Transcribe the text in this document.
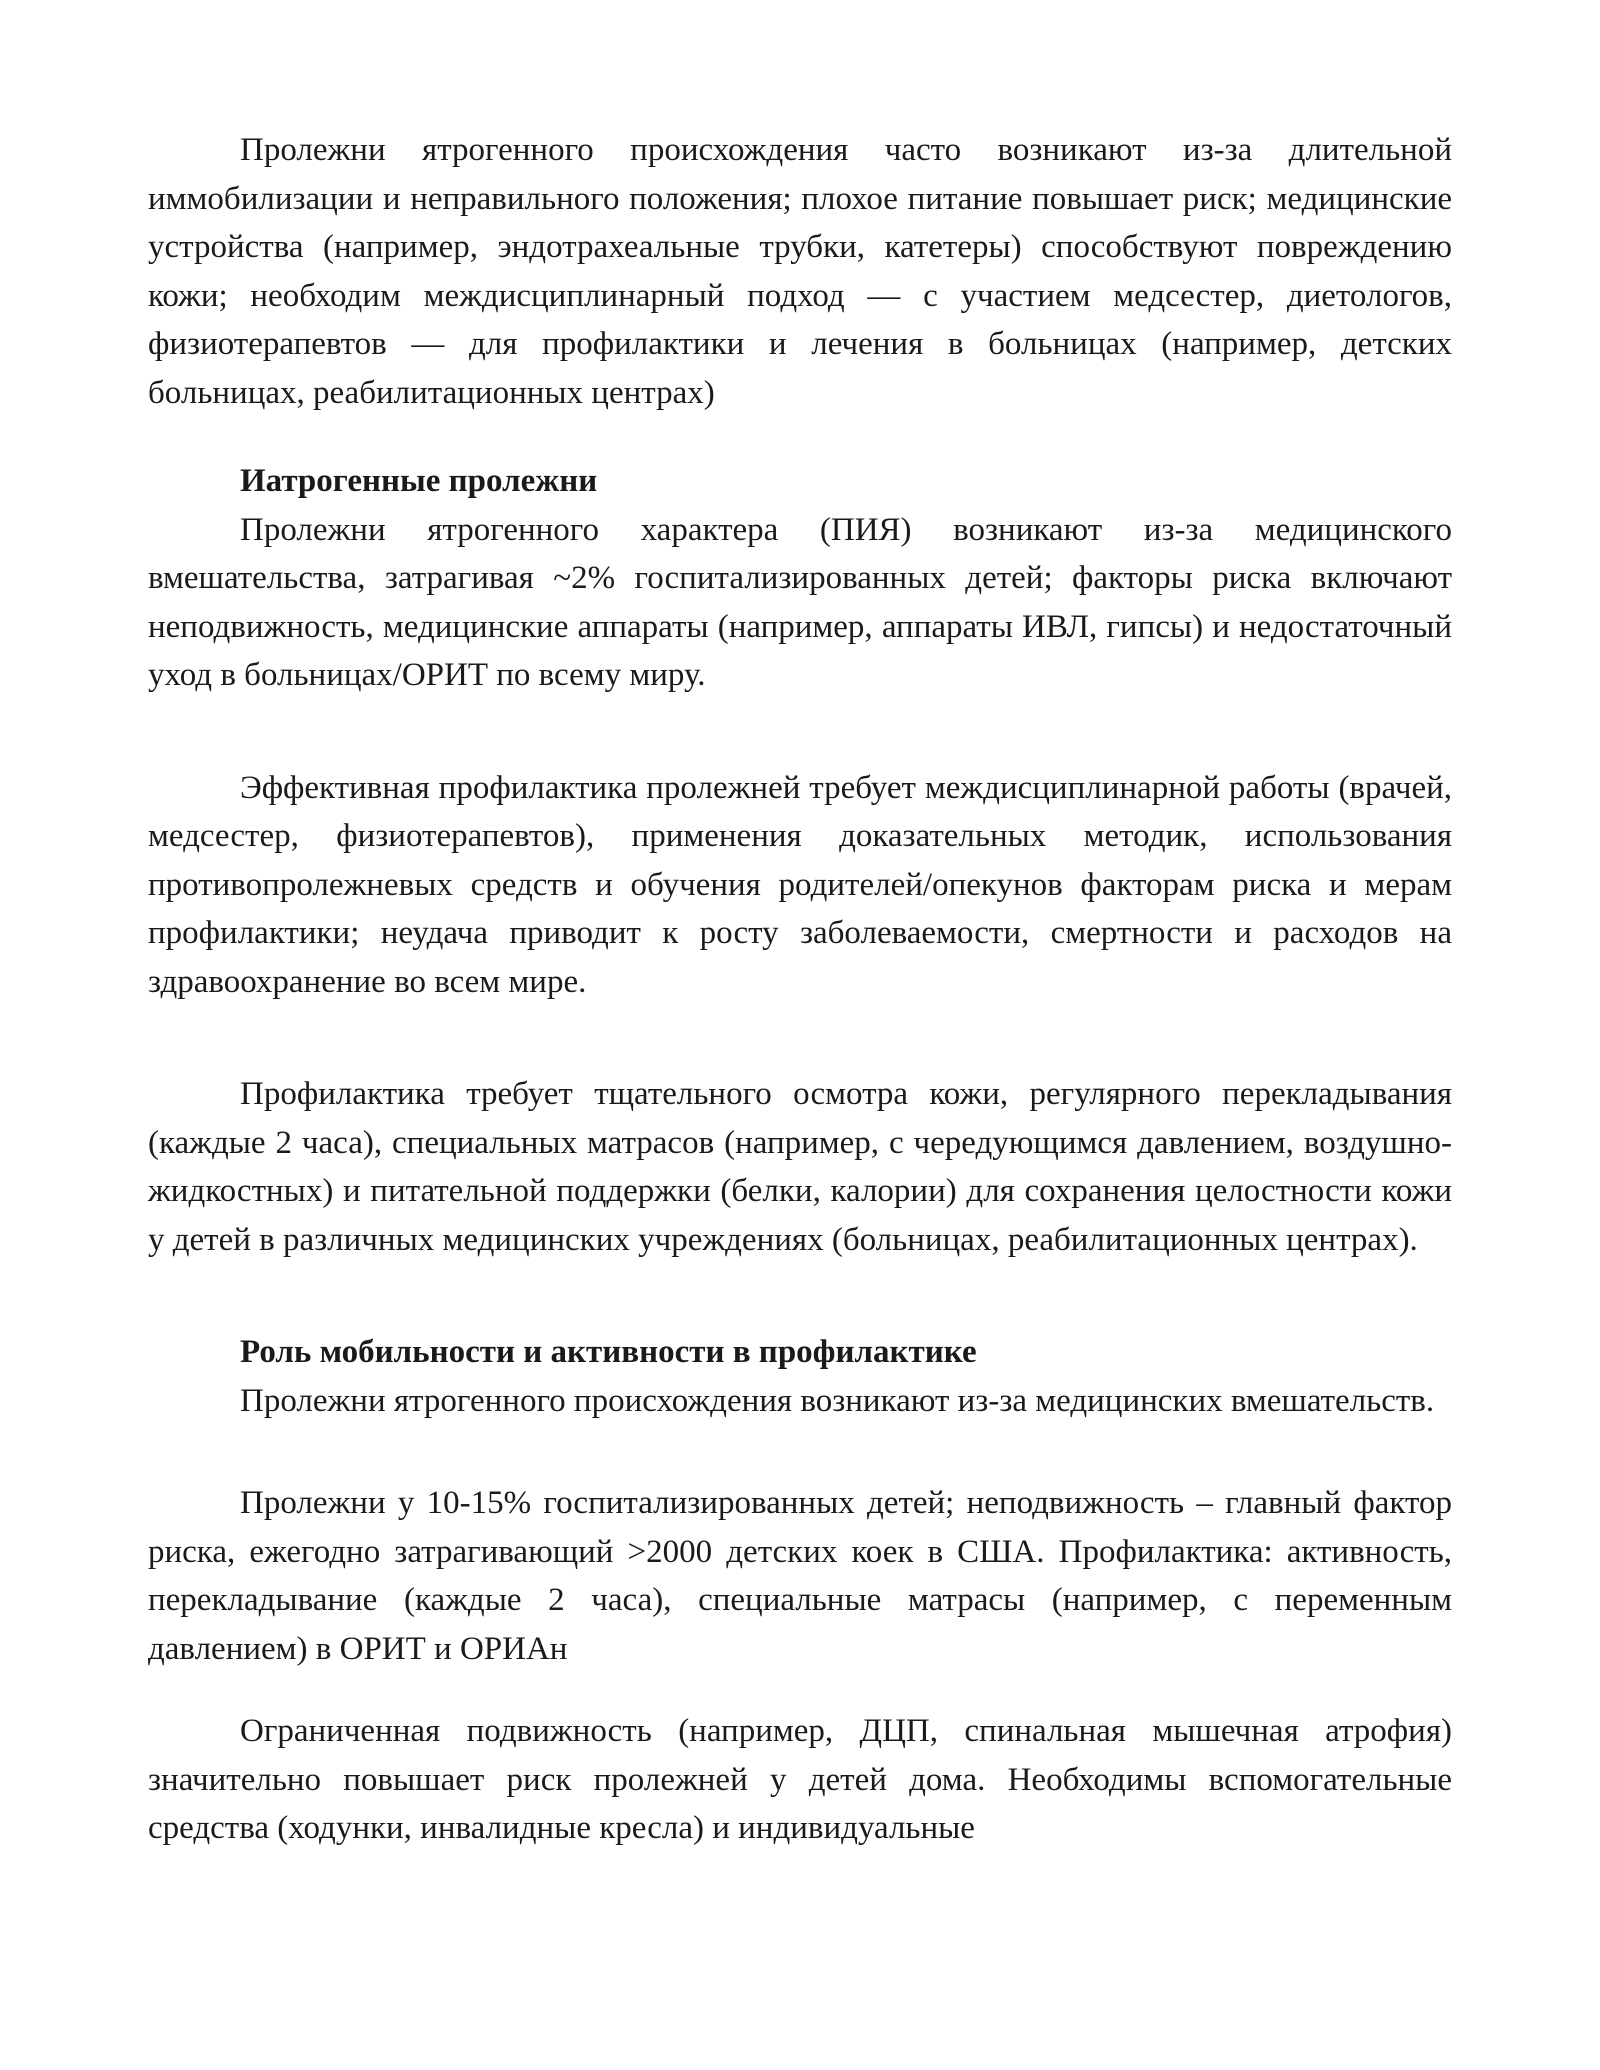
Пролежни ятрогенного происхождения часто возникают из-за длительной иммобилизации и неправильного положения; плохое питание повышает риск; медицинские устройства (например, эндотрахеальные трубки, катетеры) способствуют повреждению кожи; необходим междисциплинарный подход — с участием медсестер, диетологов, физиотерапевтов — для профилактики и лечения в больницах (например, детских больницах, реабилитационных центрах)

Иатрогенные пролежни

Пролежни ятрогенного характера (ПИЯ) возникают из-за медицинского вмешательства, затрагивая ~2% госпитализированных детей; факторы риска включают неподвижность, медицинские аппараты (например, аппараты ИВЛ, гипсы) и недостаточный уход в больницах/ОРИТ по всему миру.

Эффективная профилактика пролежней требует междисциплинарной работы (врачей, медсестер, физиотерапевтов), применения доказательных методик, использования противопролежневых средств и обучения родителей/опекунов факторам риска и мерам профилактики; неудача приводит к росту заболеваемости, смертности и расходов на здравоохранение во всем мире.

Профилактика требует тщательного осмотра кожи, регулярного перекладывания (каждые 2 часа), специальных матрасов (например, с чередующимся давлением, воздушно-жидкостных) и питательной поддержки (белки, калории) для сохранения целостности кожи у детей в различных медицинских учреждениях (больницах, реабилитационных центрах).

Роль мобильности и активности в профилактике

Пролежни ятрогенного происхождения возникают из-за медицинских вмешательств.

Пролежни у 10-15% госпитализированных детей; неподвижность – главный фактор риска, ежегодно затрагивающий >2000 детских коек в США. Профилактика: активность, перекладывание (каждые 2 часа), специальные матрасы (например, с переменным давлением) в ОРИТ и ОРИАн

Ограниченная подвижность (например, ДЦП, спинальная мышечная атрофия) значительно повышает риск пролежней у детей дома. Необходимы вспомогательные средства (ходунки, инвалидные кресла) и индивидуальные
